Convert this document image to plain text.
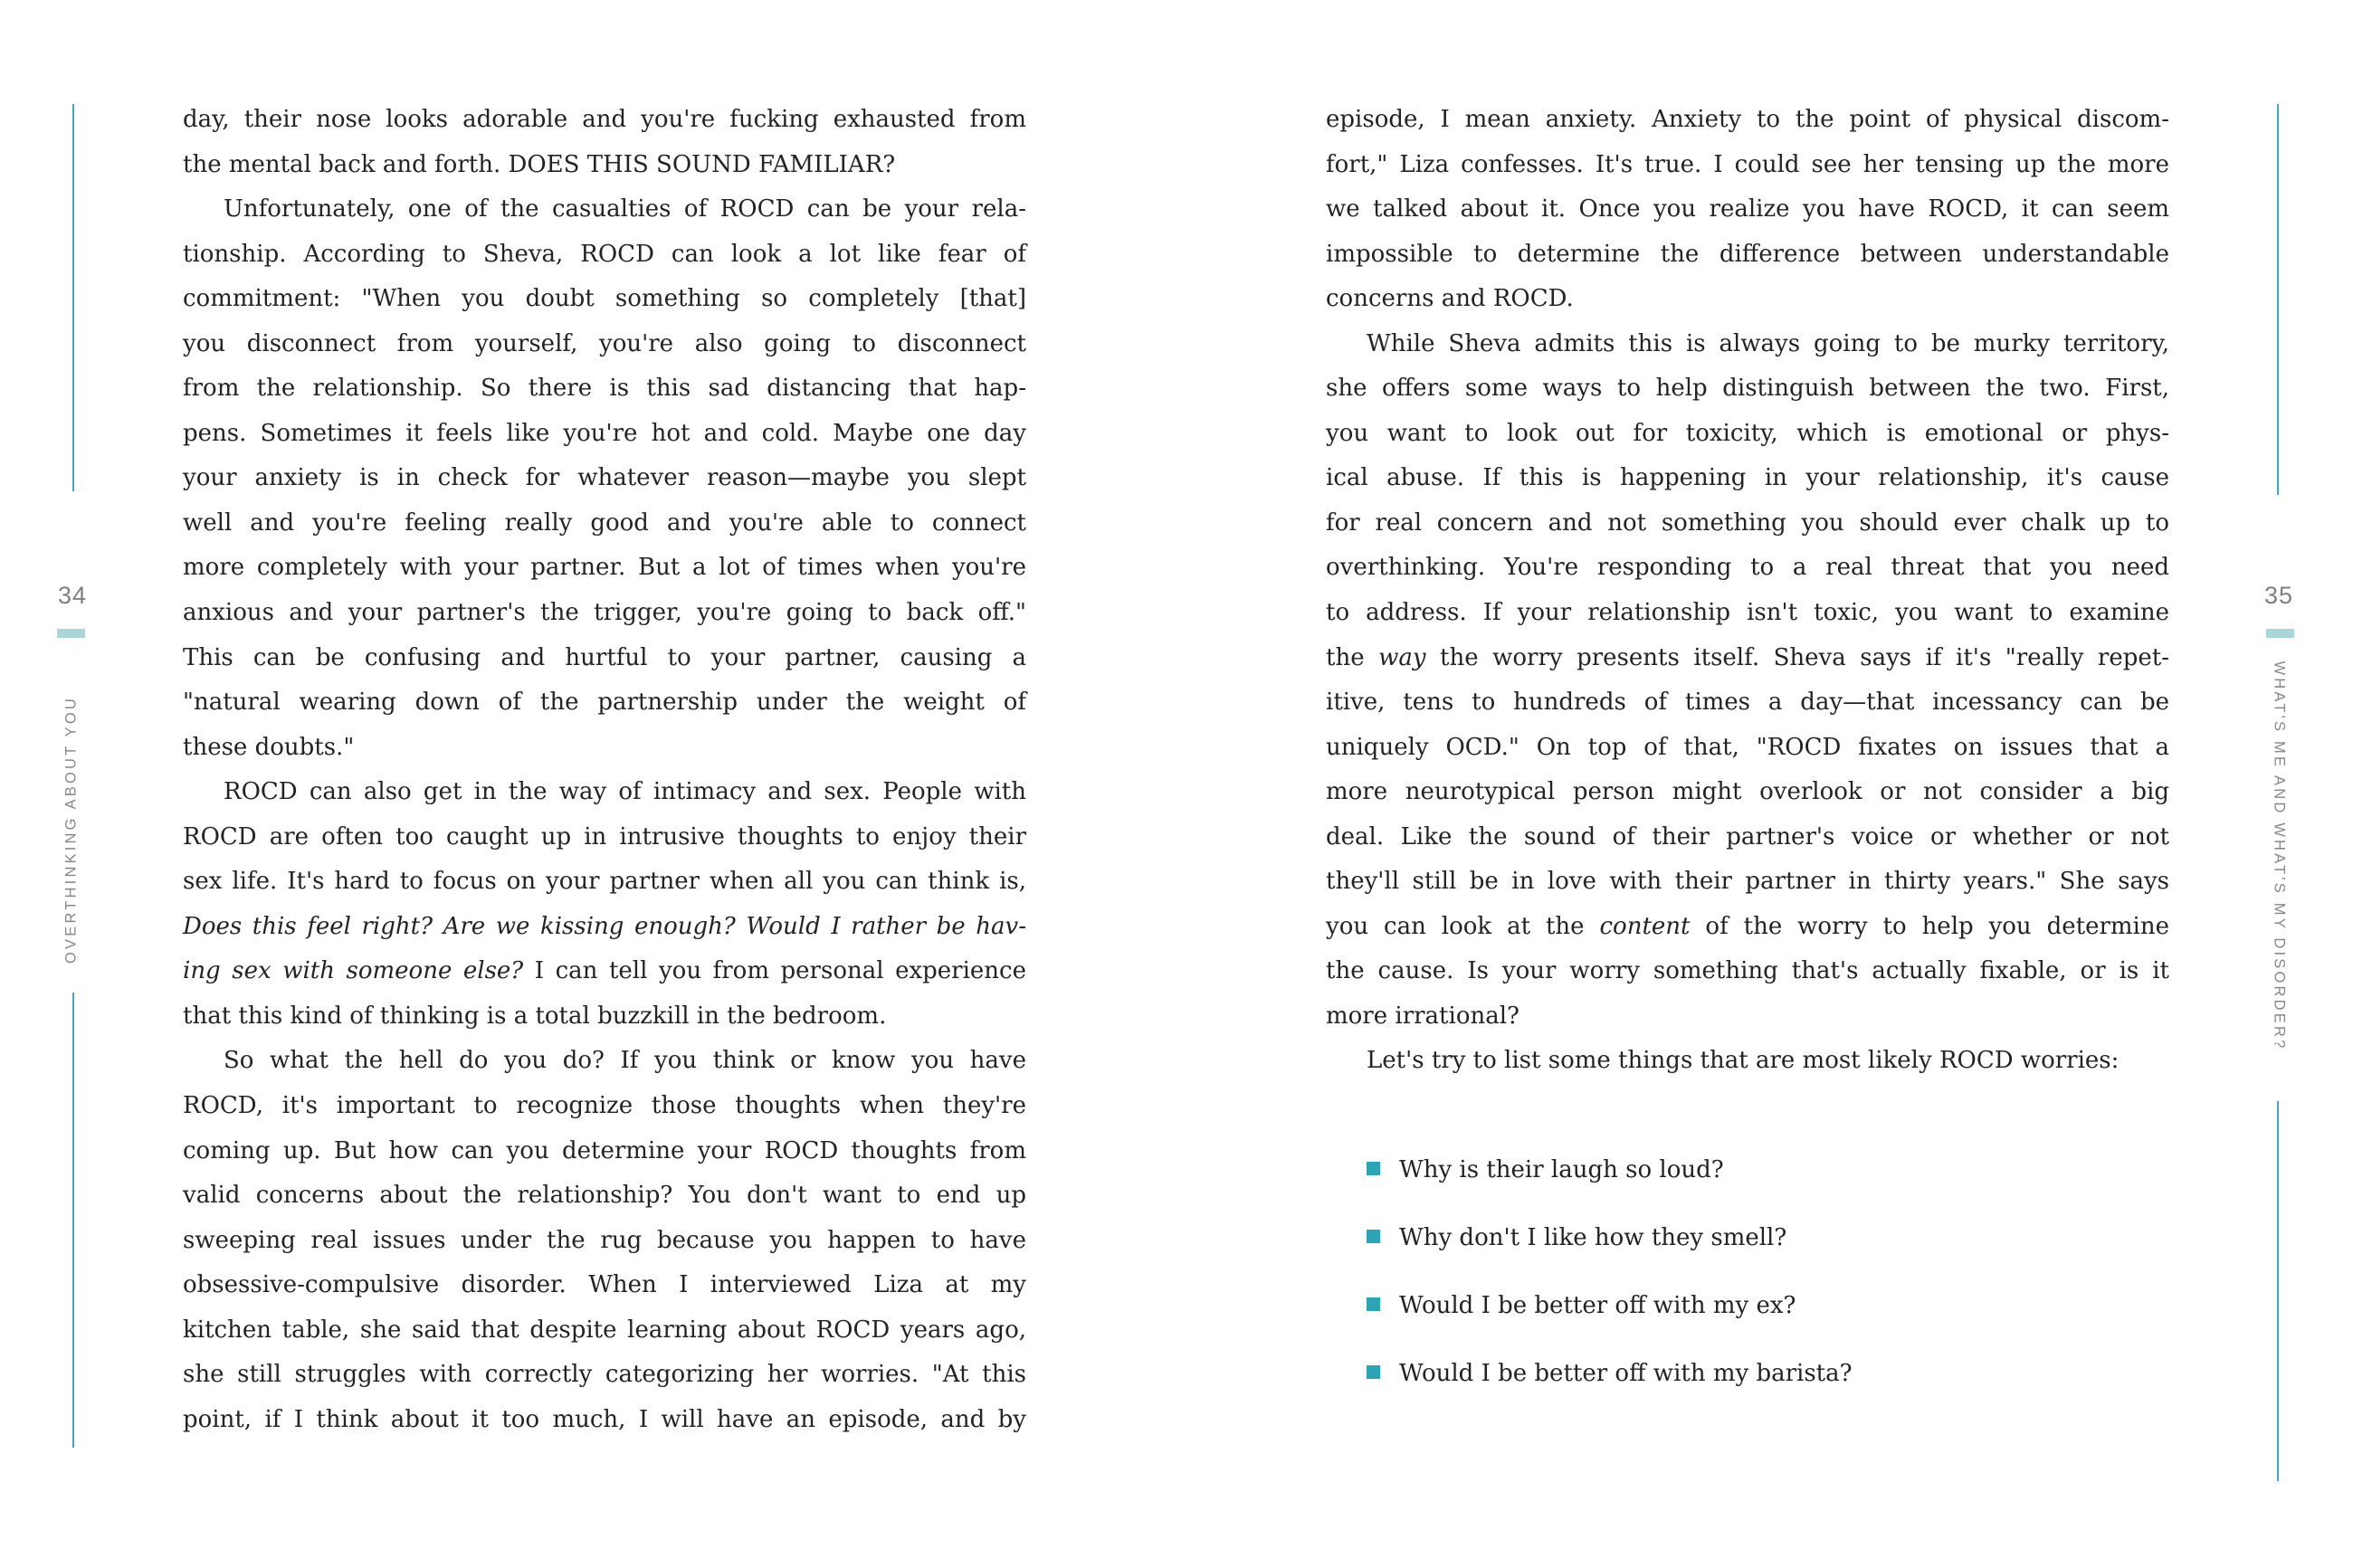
34
OVERTHINKING ABOUT YOU
35
WHAT'S ME AND WHAT'S MY DISORDER?
day, their nose looks adorable and you're fucking exhausted from
the mental back and forth. DOES THIS SOUND FAMILIAR?
Unfortunately, one of the casualties of ROCD can be your rela-
tionship. According to Sheva, ROCD can look a lot like fear of
commitment: "When you doubt something so completely [that]
you disconnect from yourself, you're also going to disconnect
from the relationship. So there is this sad distancing that hap-
pens. Sometimes it feels like you're hot and cold. Maybe one day
your anxiety is in check for whatever reason—maybe you slept
well and you're feeling really good and you're able to connect
more completely with your partner. But a lot of times when you're
anxious and your partner's the trigger, you're going to back off."
This can be confusing and hurtful to your partner, causing a
"natural wearing down of the partnership under the weight of
these doubts."
ROCD can also get in the way of intimacy and sex. People with
ROCD are often too caught up in intrusive thoughts to enjoy their
sex life. It's hard to focus on your partner when all you can think is,
Does this feel right? Are we kissing enough? Would I rather be hav-
ing sex with someone else? I can tell you from personal experience
that this kind of thinking is a total buzzkill in the bedroom.
So what the hell do you do? If you think or know you have
ROCD, it's important to recognize those thoughts when they're
coming up. But how can you determine your ROCD thoughts from
valid concerns about the relationship? You don't want to end up
sweeping real issues under the rug because you happen to have
obsessive-compulsive disorder. When I interviewed Liza at my
kitchen table, she said that despite learning about ROCD years ago,
she still struggles with correctly categorizing her worries. "At this
point, if I think about it too much, I will have an episode, and by
episode, I mean anxiety. Anxiety to the point of physical discom-
fort," Liza confesses. It's true. I could see her tensing up the more
we talked about it. Once you realize you have ROCD, it can seem
impossible to determine the difference between understandable
concerns and ROCD.
While Sheva admits this is always going to be murky territory,
she offers some ways to help distinguish between the two. First,
you want to look out for toxicity, which is emotional or phys-
ical abuse. If this is happening in your relationship, it's cause
for real concern and not something you should ever chalk up to
overthinking. You're responding to a real threat that you need
to address. If your relationship isn't toxic, you want to examine
the way the worry presents itself. Sheva says if it's "really repet-
itive, tens to hundreds of times a day—that incessancy can be
uniquely OCD." On top of that, "ROCD fixates on issues that a
more neurotypical person might overlook or not consider a big
deal. Like the sound of their partner's voice or whether or not
they'll still be in love with their partner in thirty years." She says
you can look at the content of the worry to help you determine
the cause. Is your worry something that's actually fixable, or is it
more irrational?
Let's try to list some things that are most likely ROCD worries:
Why is their laugh so loud?
Why don't I like how they smell?
Would I be better off with my ex?
Would I be better off with my barista?
